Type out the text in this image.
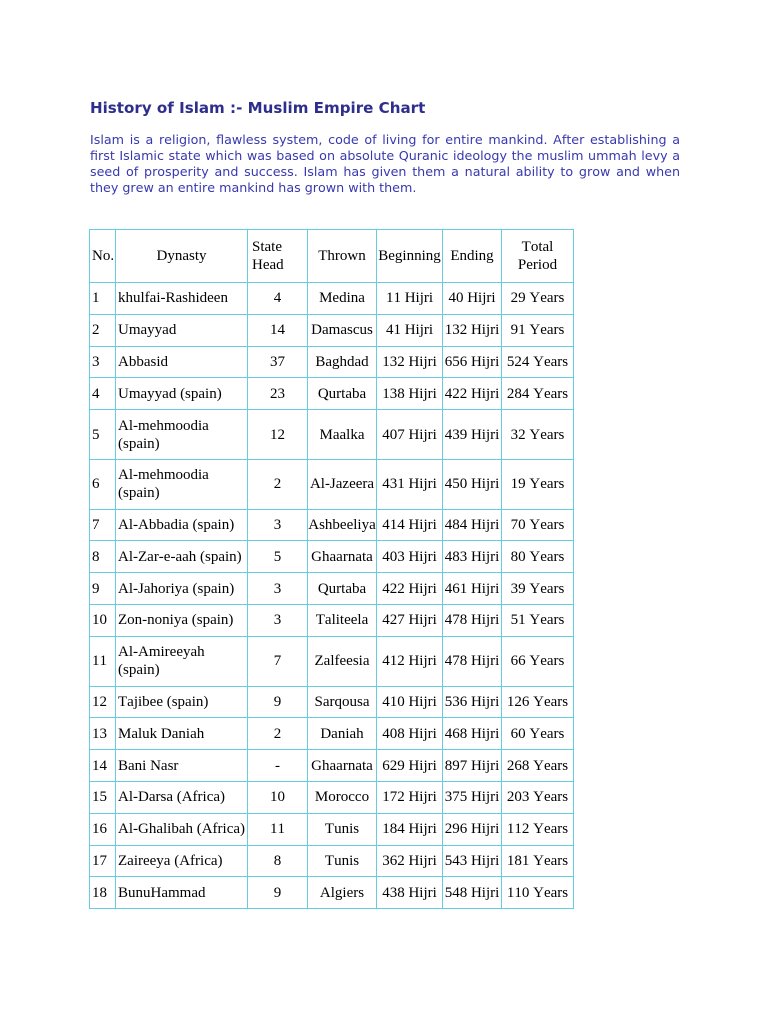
History of Islam :- Muslim Empire Chart

Islam is a religion, flawless system, code of living for entire mankind. After establishing a first Islamic state which was based on absolute Quranic ideology the muslim ummah levy a seed of prosperity and success. Islam has given them a natural ability to grow and when they grew an entire mankind has grown with them.

No.	Dynasty	State Head	Thrown	Beginning	Ending	Total Period
1	khulfai-Rashideen	4	Medina	11 Hijri	40 Hijri	29 Years
2	Umayyad	14	Damascus	41 Hijri	132 Hijri	91 Years
3	Abbasid	37	Baghdad	132 Hijri	656 Hijri	524 Years
4	Umayyad (spain)	23	Qurtaba	138 Hijri	422 Hijri	284 Years
5	Al-mehmoodia (spain)	12	Maalka	407 Hijri	439 Hijri	32 Years
6	Al-mehmoodia (spain)	2	Al-Jazeera	431 Hijri	450 Hijri	19 Years
7	Al-Abbadia (spain)	3	Ashbeeliya	414 Hijri	484 Hijri	70 Years
8	Al-Zar-e-aah (spain)	5	Ghaarnata	403 Hijri	483 Hijri	80 Years
9	Al-Jahoriya (spain)	3	Qurtaba	422 Hijri	461 Hijri	39 Years
10	Zon-noniya (spain)	3	Taliteela	427 Hijri	478 Hijri	51 Years
11	Al-Amireeyah (spain)	7	Zalfeesia	412 Hijri	478 Hijri	66 Years
12	Tajibee (spain)	9	Sarqousa	410 Hijri	536 Hijri	126 Years
13	Maluk Daniah	2	Daniah	408 Hijri	468 Hijri	60 Years
14	Bani Nasr	-	Ghaarnata	629 Hijri	897 Hijri	268 Years
15	Al-Darsa (Africa)	10	Morocco	172 Hijri	375 Hijri	203 Years
16	Al-Ghalibah (Africa)	11	Tunis	184 Hijri	296 Hijri	112 Years
17	Zaireeya (Africa)	8	Tunis	362 Hijri	543 Hijri	181 Years
18	BunuHammad	9	Algiers	438 Hijri	548 Hijri	110 Years
